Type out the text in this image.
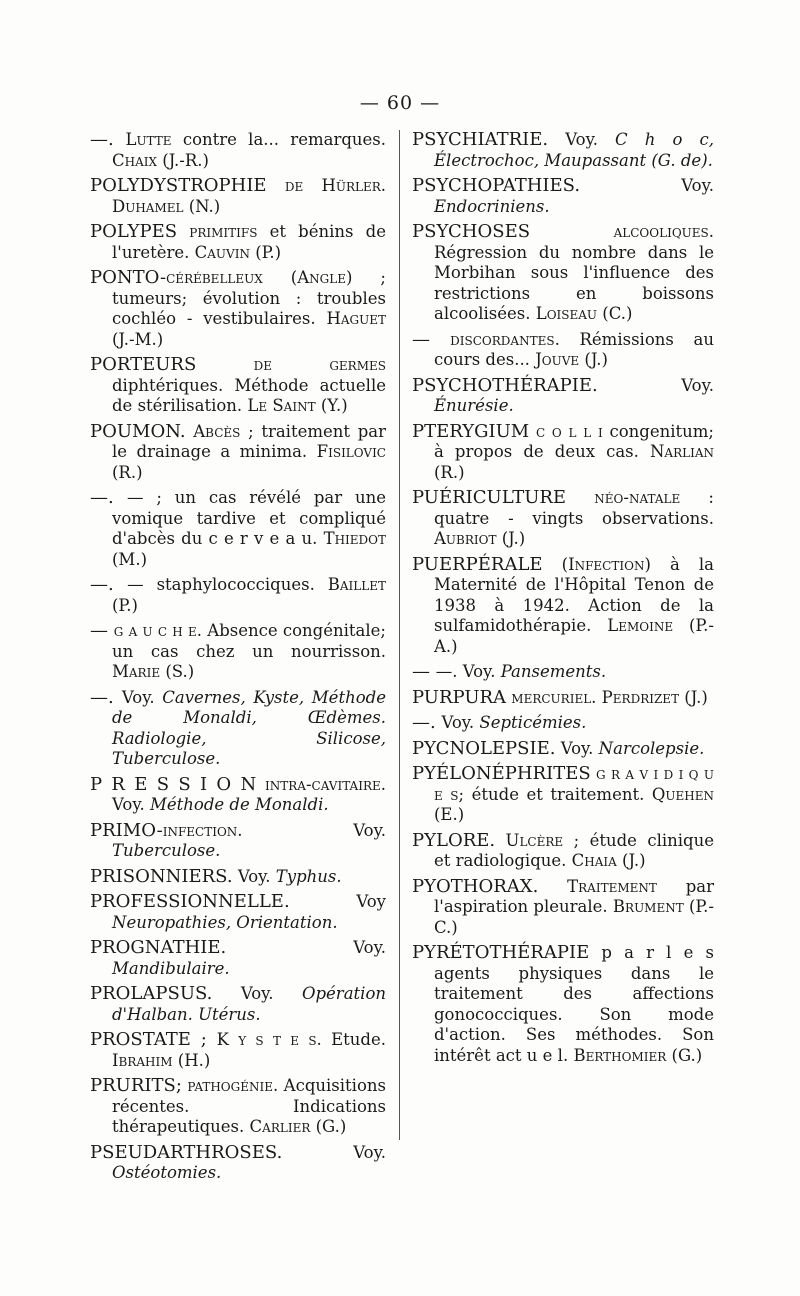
— 60 —
—. Lutte contre la... remarques. Chaix (J.-R.)
POLYDYSTROPHIE de Hürler. Duhamel (N.)
POLYPES primitifs et bénins de l'uretère. Cauvin (P.)
PONTO-cérébelleux (Angle) ; tumeurs; évolution : troubles cochléo - vestibulaires. Haguet (J.-M.)
PORTEURS de germes diphtériques. Méthode actuelle de stérilisation. Le Saint (Y.)
POUMON. Abcès ; traitement par le drainage a minima. Fisilovic (R.)
—. — ; un cas révélé par une vomique tardive et compliqué d'abcès du c e r v e a u. Thiedot (M.)
—. — staphylococciques. Baillet (P.)
— g a u c h e. Absence congénitale; un cas chez un nourrisson. Marie (S.)
—. Voy. Cavernes, Kyste, Méthode de Monaldi, Œdèmes. Radiologie, Silicose, Tuberculose.
P R E S S I O N intra-cavitaire. Voy. Méthode de Monaldi.
PRIMO-infection. Voy. Tuberculose.
PRISONNIERS. Voy. Typhus.
PROFESSIONNELLE. Voy Neuropathies, Orientation.
PROGNATHIE. Voy. Mandibulaire.
PROLAPSUS. Voy. Opération d'Halban. Utérus.
PROSTATE ; K y s t e s. Etude. Ibrahim (H.)
PRURITS; pathogénie. Acquisitions récentes. Indications thérapeutiques. Carlier (G.)
PSEUDARTHROSES. Voy. Ostéotomies.
PSYCHIATRIE. Voy. C h o c, Électrochoc, Maupassant (G. de).
PSYCHOPATHIES. Voy. Endocriniens.
PSYCHOSES alcooliques. Régression du nombre dans le Morbihan sous l'influence des restrictions en boissons alcoolisées. Loiseau (C.)
— discordantes. Rémissions au cours des... Jouve (J.)
PSYCHOTHÉRAPIE. Voy. Énurésie.
PTERYGIUM c o l l i congenitum; à propos de deux cas. Narlian (R.)
PUÉRICULTURE néo-natale : quatre - vingts observations. Aubriot (J.)
PUERPÉRALE (Infection) à la Maternité de l'Hôpital Tenon de 1938 à 1942. Action de la sulfamidothérapie. Lemoine (P.-A.)
— —. Voy. Pansements.
PURPURA mercuriel. Perdrizet (J.)
—. Voy. Septicémies.
PYCNOLEPSIE. Voy. Narcolepsie.
PYÉLONÉPHRITES g r a v i d i q u e s; étude et traitement. Quehen (E.)
PYLORE. Ulcère ; étude clinique et radiologique. Chaia (J.)
PYOTHORAX. Traitement par l'aspiration pleurale. Brument (P.-C.)
PYRÉTOTHÉRAPIE p a r l e s agents physiques dans le traitement des affections gonococciques. Son mode d'action. Ses méthodes. Son intérêt act u e l. Berthomier (G.)
